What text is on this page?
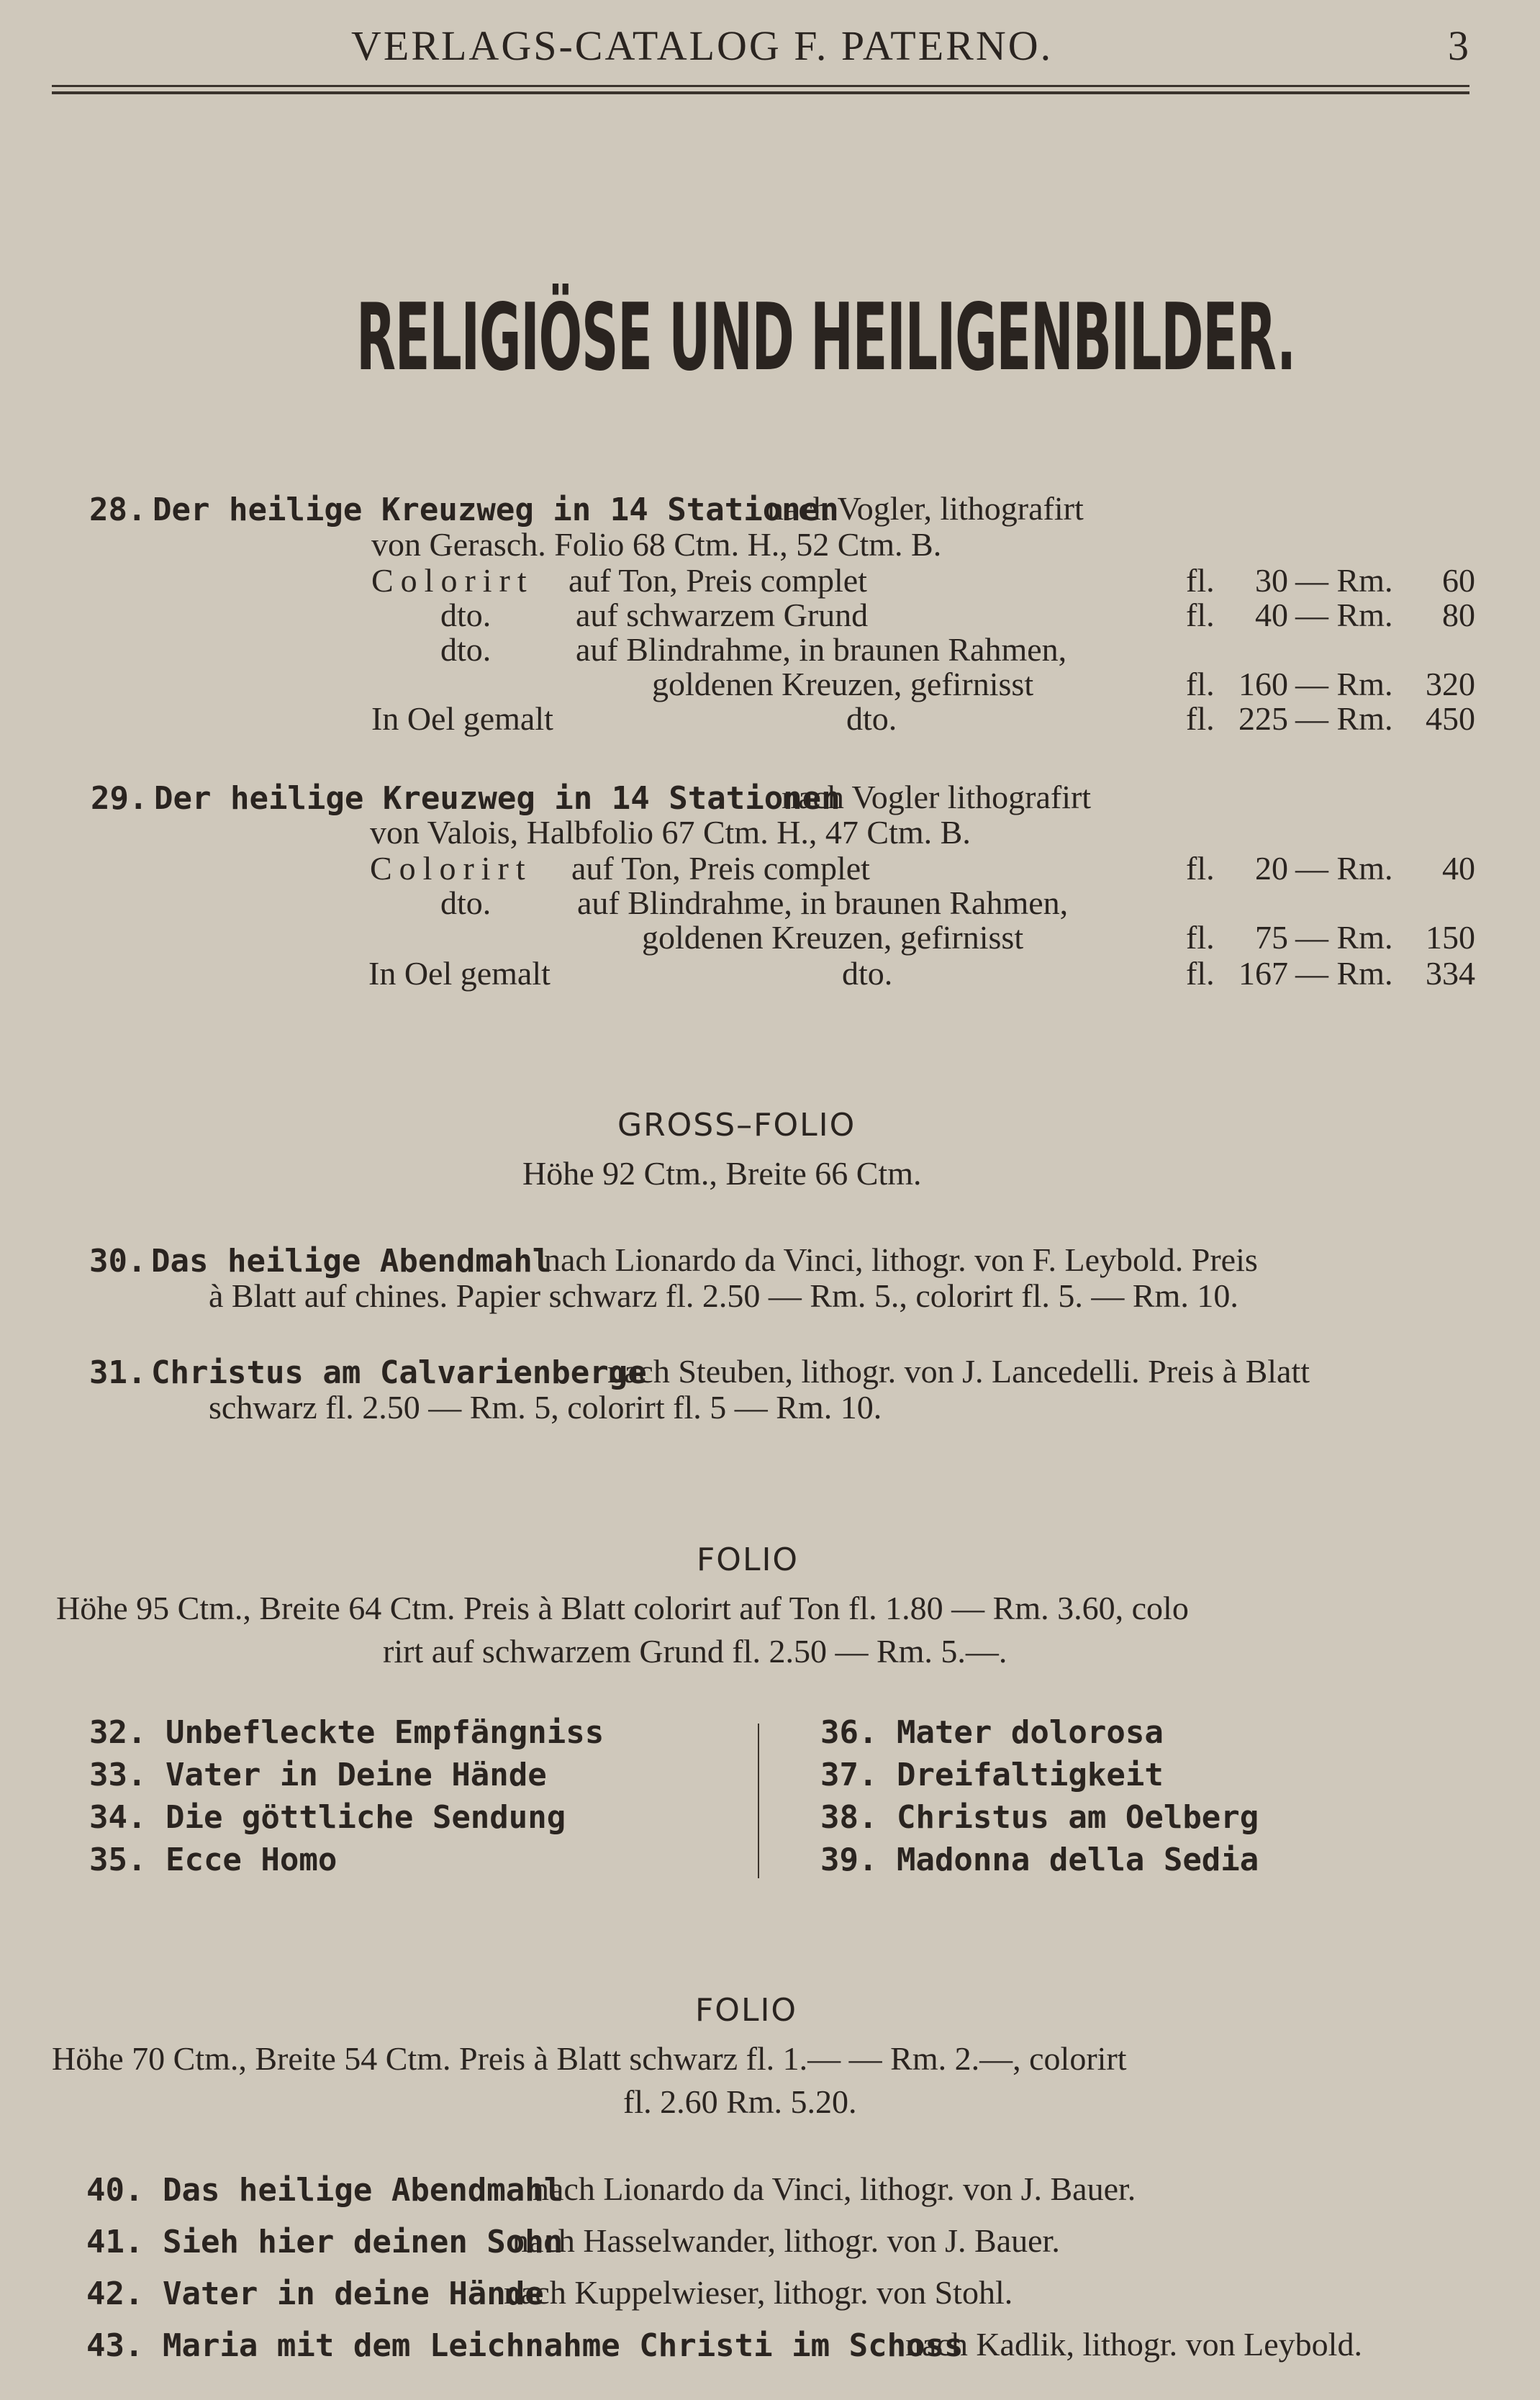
VERLAGS-CATALOG F. PATERNO.	3
RELIGIÖSE UND HEILIGENBILDER.
28. Der heilige Kreuzweg in 14 Stationen
nach Vogler, lithografirt
von Gerasch. Folio 68 Ctm. H., 52 Ctm. B.
Colorirt auf Ton, Preis complet	fl.	30 — Rm.	60
dto.	auf schwarzem Grund	fl.	40 — Rm.	80
dto.	auf Blindrahme, in braunen Rahmen,
goldenen Kreuzen, gefirnisst	fl. 160 — Rm. 320
In Oel gemalt	dto.	fl. 225 — Rm. 450
29. Der heilige Kreuzweg in 14 Stationen
nach Vogler lithografirt
von Valois, Halbfolio 67 Ctm. H., 47 Ctm. B.
Colorirt auf Ton, Preis complet	fl.	20 — Rm.	40
dto.	auf Blindrahme, in braunen Rahmen,
goldenen Kreuzen, gefirnisst	fl.	75 — Rm. 150
In Oel gemalt	dto.	fl. 167 — Rm. 334
GROSS–FOLIO
Höhe 92 Ctm., Breite 66 Ctm.
30. Das heilige Abendmahl
nach Lionardo da Vinci, lithogr. von F. Leybold. Preis
à Blatt auf chines. Papier schwarz fl. 2.50 — Rm. 5., colorirt fl. 5. — Rm. 10.
31. Christus am Calvarienberge
nach Steuben, lithogr. von J. Lancedelli. Preis à Blatt
schwarz fl. 2.50 — Rm. 5, colorirt fl. 5 — Rm. 10.
FOLIO
Höhe 95 Ctm., Breite 64 Ctm. Preis à Blatt colorirt auf Ton fl. 1.80 — Rm. 3.60, colo
rirt auf schwarzem Grund fl. 2.50 — Rm. 5.—.
32. Unbefleckte Empfängniss
33. Vater in Deine Hände
34. Die göttliche Sendung
35. Ecce Homo
36. Mater dolorosa
37. Dreifaltigkeit
38. Christus am Oelberg
39. Madonna della Sedia
FOLIO
Höhe 70 Ctm., Breite 54 Ctm. Preis à Blatt schwarz fl. 1.— — Rm. 2.—, colorirt
fl. 2.60 Rm. 5.20.
40. Das heilige Abendmahl
nach Lionardo da Vinci, lithogr. von J. Bauer.
41. Sieh hier deinen Sohn
nach Hasselwander, lithogr. von J. Bauer.
42. Vater in deine Hände
nach Kuppelwieser, lithogr. von Stohl.
43. Maria mit dem Leichnahme Christi im Schoss
nach Kadlik, lithogr. von Leybold.
